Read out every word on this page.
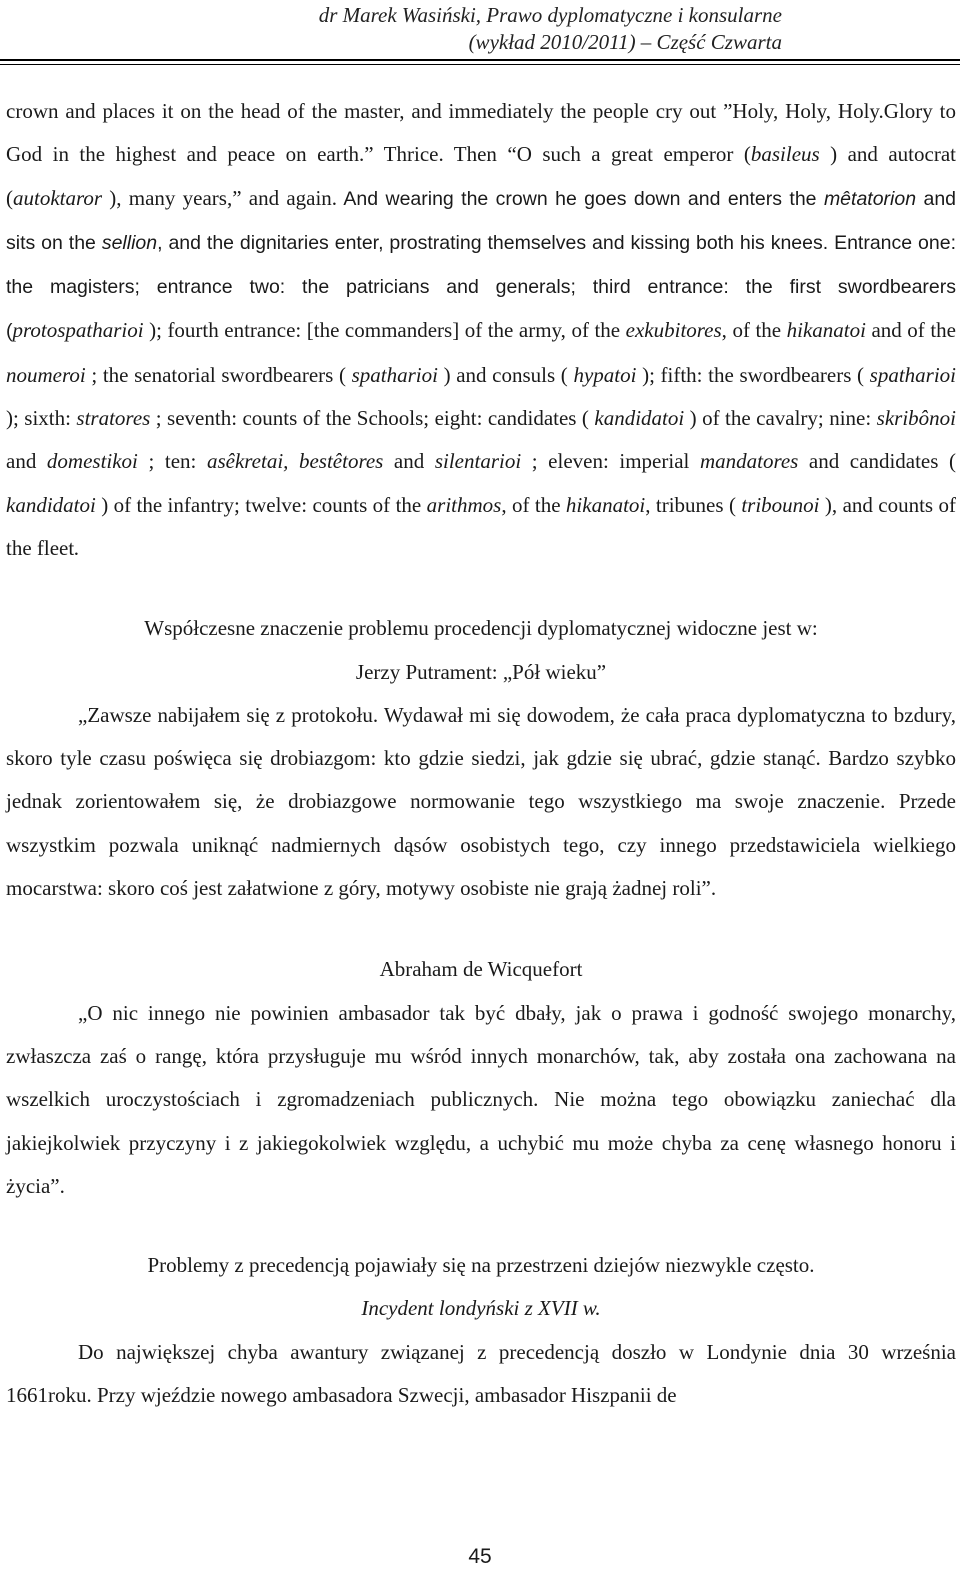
dr Marek Wasiński, Prawo dyplomatyczne i konsularne
(wykład 2010/2011) – Część Czwarta

crown and places it on the head of the master, and immediately the people cry out ”Holy, Holy, Holy.Glory to God in the highest and peace on earth.” Thrice. Then “O such a great emperor (basileus ) and autocrat (autoktaror ), many years,” and again. And wearing the crown he goes down and enters the mêtatorion and sits on the sellion, and the dignitaries enter, prostrating themselves and kissing both his knees. Entrance one: the magisters; entrance two: the patricians and generals; third entrance: the first swordbearers (protospatharioi ); fourth entrance: [the commanders] of the army, of the exkubitores, of the hikanatoi and of the noumeroi ; the senatorial swordbearers ( spatharioi ) and consuls ( hypatoi ); fifth: the swordbearers ( spatharioi ); sixth: stratores ; seventh: counts of the Schools; eight: candidates ( kandidatoi ) of the cavalry; nine: skribônoi and domestikoi ; ten: asêkretai, bestêtores and silentarioi ; eleven: imperial mandatores and candidates ( kandidatoi ) of the infantry; twelve: counts of the arithmos, of the hikanatoi, tribunes ( tribounoi ), and counts of the fleet.

Współczesne znaczenie problemu procedencji dyplomatycznej widoczne jest w:

Jerzy Putrament: „Pół wieku”

„Zawsze nabijałem się z protokołu. Wydawał mi się dowodem, że cała praca dyplomatyczna to bzdury, skoro tyle czasu poświęca się drobiazgom: kto gdzie siedzi, jak gdzie się ubrać, gdzie stanąć. Bardzo szybko jednak zorientowałem się, że drobiazgowe normowanie tego wszystkiego ma swoje znaczenie. Przede wszystkim pozwala uniknąć nadmiernych dąsów osobistych tego, czy innego przedstawiciela wielkiego mocarstwa: skoro coś jest załatwione z góry, motywy osobiste nie grają żadnej roli”.

Abraham de Wicquefort

„O nic innego nie powinien ambasador tak być dbały, jak o prawa i godność swojego monarchy, zwłaszcza zaś o rangę, która przysługuje mu wśród innych monarchów, tak, aby została ona zachowana na wszelkich uroczystościach i zgromadzeniach publicznych. Nie można tego obowiązku zaniechać dla jakiejkolwiek przyczyny i z jakiegokolwiek względu, a uchybić mu może chyba za cenę własnego honoru i życia”.

Problemy z precedencją pojawiały się na przestrzeni dziejów niezwykle często.

Incydent londyński z XVII w.

Do największej chyba awantury związanej z precedencją doszło w Londynie dnia 30 września 1661roku. Przy wjeździe nowego ambasadora Szwecji, ambasador Hiszpanii de

45
